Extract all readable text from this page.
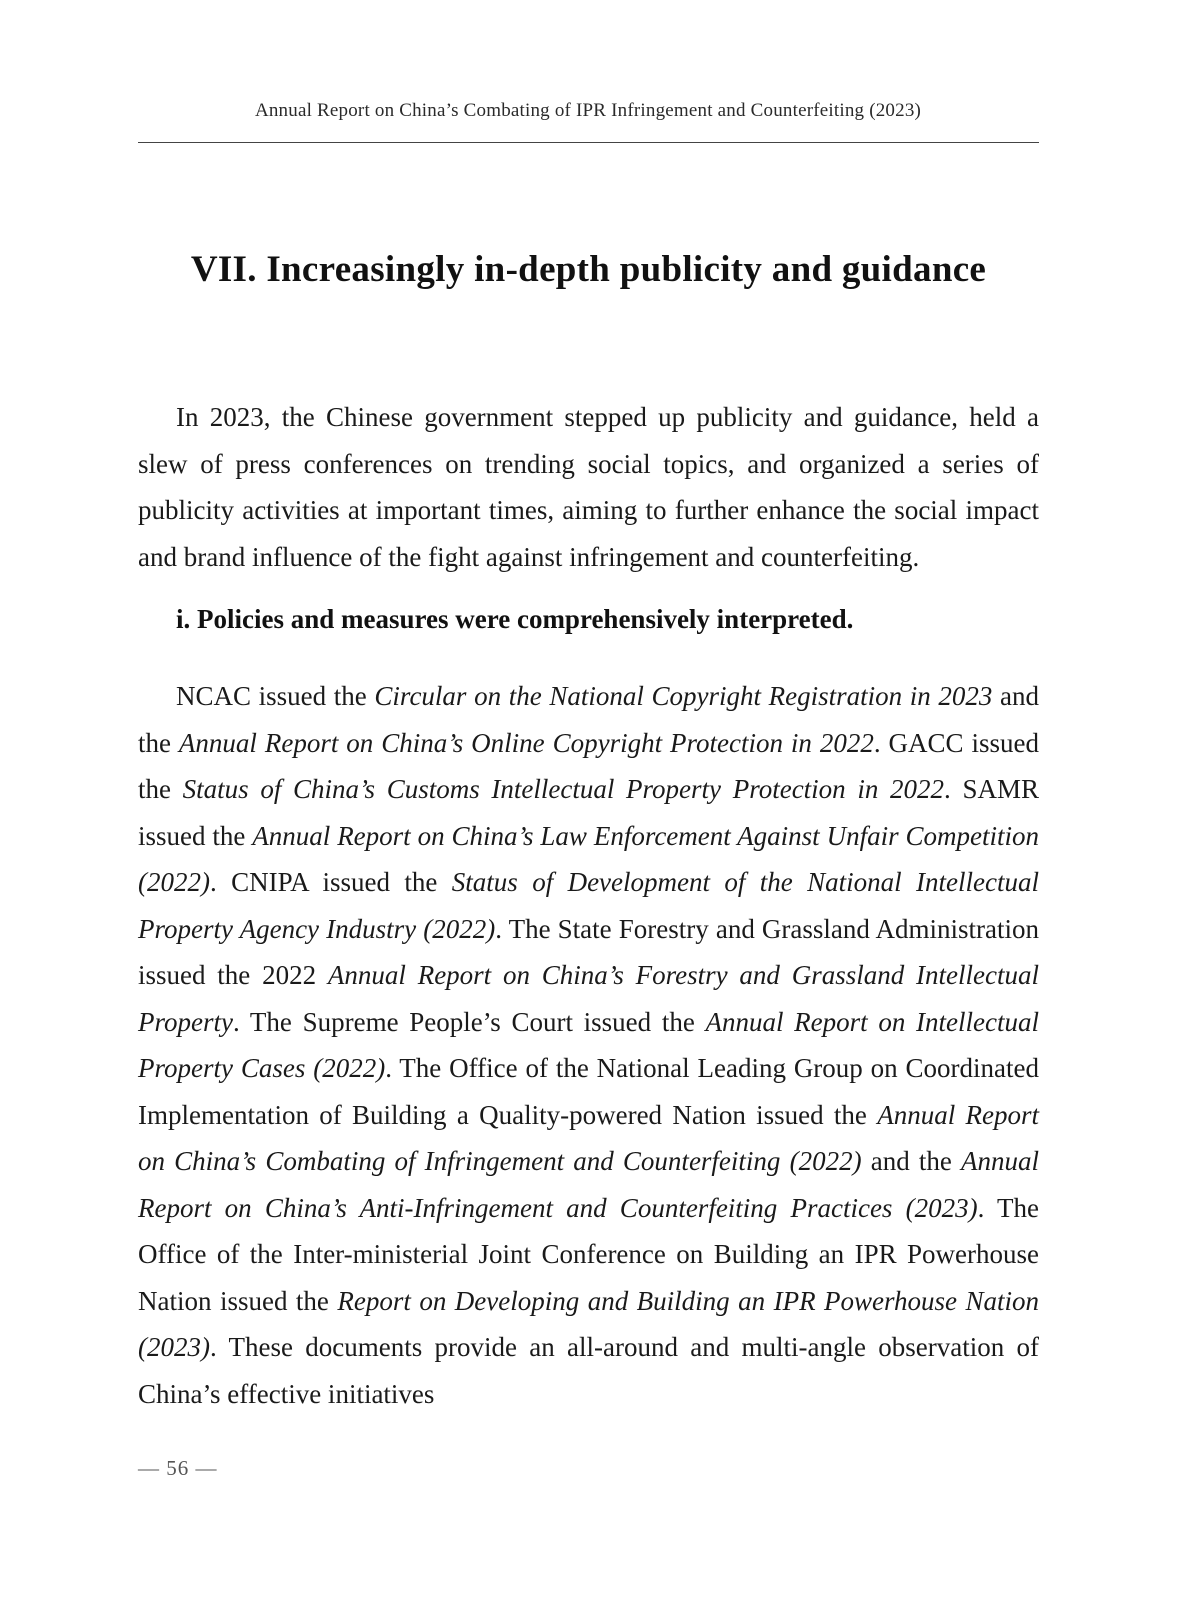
Annual Report on China’s Combating of IPR Infringement and Counterfeiting (2023)
VII. Increasingly in-depth publicity and guidance

In 2023, the Chinese government stepped up publicity and guidance, held a slew of press conferences on trending social topics, and organized a series of publicity activities at important times, aiming to further enhance the social impact and brand influence of the fight against infringement and counterfeiting.

i. Policies and measures were comprehensively interpreted.

NCAC issued the Circular on the National Copyright Registration in 2023 and the Annual Report on China’s Online Copyright Protection in 2022. GACC issued the Status of China’s Customs Intellectual Property Protection in 2022. SAMR issued the Annual Report on China’s Law Enforcement Against Unfair Competition (2022). CNIPA issued the Status of Development of the National Intellectual Property Agency Industry (2022). The State Forestry and Grassland Administration issued the 2022 Annual Report on China’s Forestry and Grassland Intellectual Property. The Supreme People’s Court issued the Annual Report on Intellectual Property Cases (2022). The Office of the National Leading Group on Coordinated Implementation of Building a Quality-powered Nation issued the Annual Report on China’s Combating of Infringement and Counterfeiting (2022) and the Annual Report on China’s Anti-Infringement and Counterfeiting Practices (2023). The Office of the Inter-ministerial Joint Conference on Building an IPR Powerhouse Nation issued the Report on Developing and Building an IPR Powerhouse Nation (2023). These documents provide an all-around and multi-angle observation of China’s effective initiatives

— 56 —
